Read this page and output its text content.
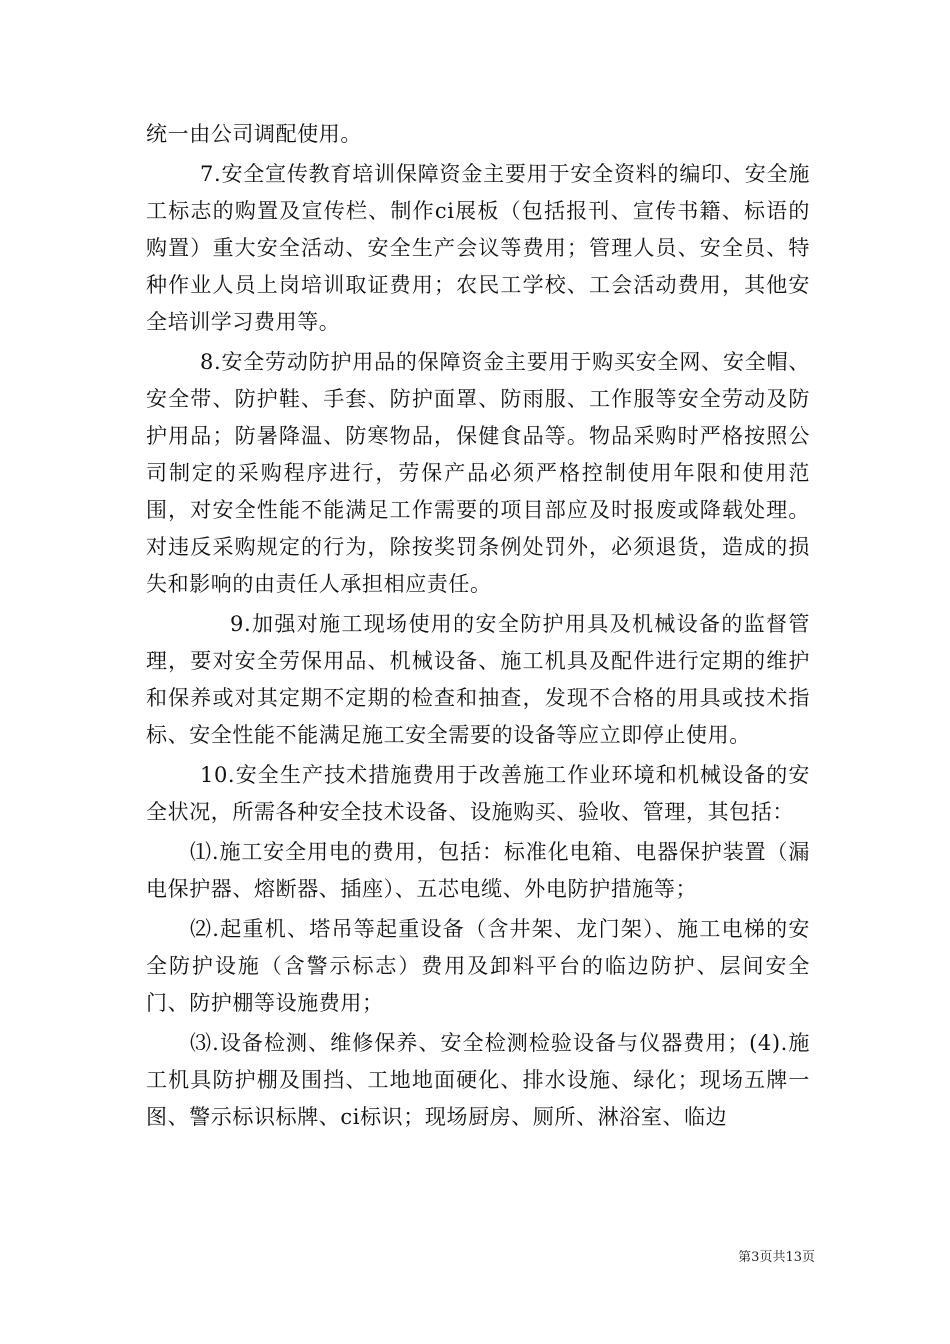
统一由公司调配使用。

7.安全宣传教育培训保障资金主要用于安全资料的编印、安全施工标志的购置及宣传栏、制作ci展板（包括报刊、宣传书籍、标语的购置）重大安全活动、安全生产会议等费用；管理人员、安全员、特种作业人员上岗培训取证费用；农民工学校、工会活动费用，其他安全培训学习费用等。

8.安全劳动防护用品的保障资金主要用于购买安全网、安全帽、安全带、防护鞋、手套、防护面罩、防雨服、工作服等安全劳动及防护用品；防暑降温、防寒物品，保健食品等。物品采购时严格按照公司制定的采购程序进行，劳保产品必须严格控制使用年限和使用范围，对安全性能不能满足工作需要的项目部应及时报废或降载处理。对违反采购规定的行为，除按奖罚条例处罚外，必须退货，造成的损失和影响的由责任人承担相应责任。

9.加强对施工现场使用的安全防护用具及机械设备的监督管理，要对安全劳保用品、机械设备、施工机具及配件进行定期的维护和保养或对其定期不定期的检查和抽查，发现不合格的用具或技术指标、安全性能不能满足施工安全需要的设备等应立即停止使用。

10.安全生产技术措施费用于改善施工作业环境和机械设备的安全状况，所需各种安全技术设备、设施购买、验收、管理，其包括：

⑴.施工安全用电的费用，包括：标准化电箱、电器保护装置（漏电保护器、熔断器、插座）、五芯电缆、外电防护措施等；

⑵.起重机、塔吊等起重设备（含井架、龙门架）、施工电梯的安全防护设施（含警示标志）费用及卸料平台的临边防护、层间安全门、防护棚等设施费用；

⑶.设备检测、维修保养、安全检测检验设备与仪器费用；(4).施工机具防护棚及围挡、工地地面硬化、排水设施、绿化；现场五牌一图、警示标识标牌、ci标识；现场厨房、厕所、淋浴室、临边

第3页共13页
